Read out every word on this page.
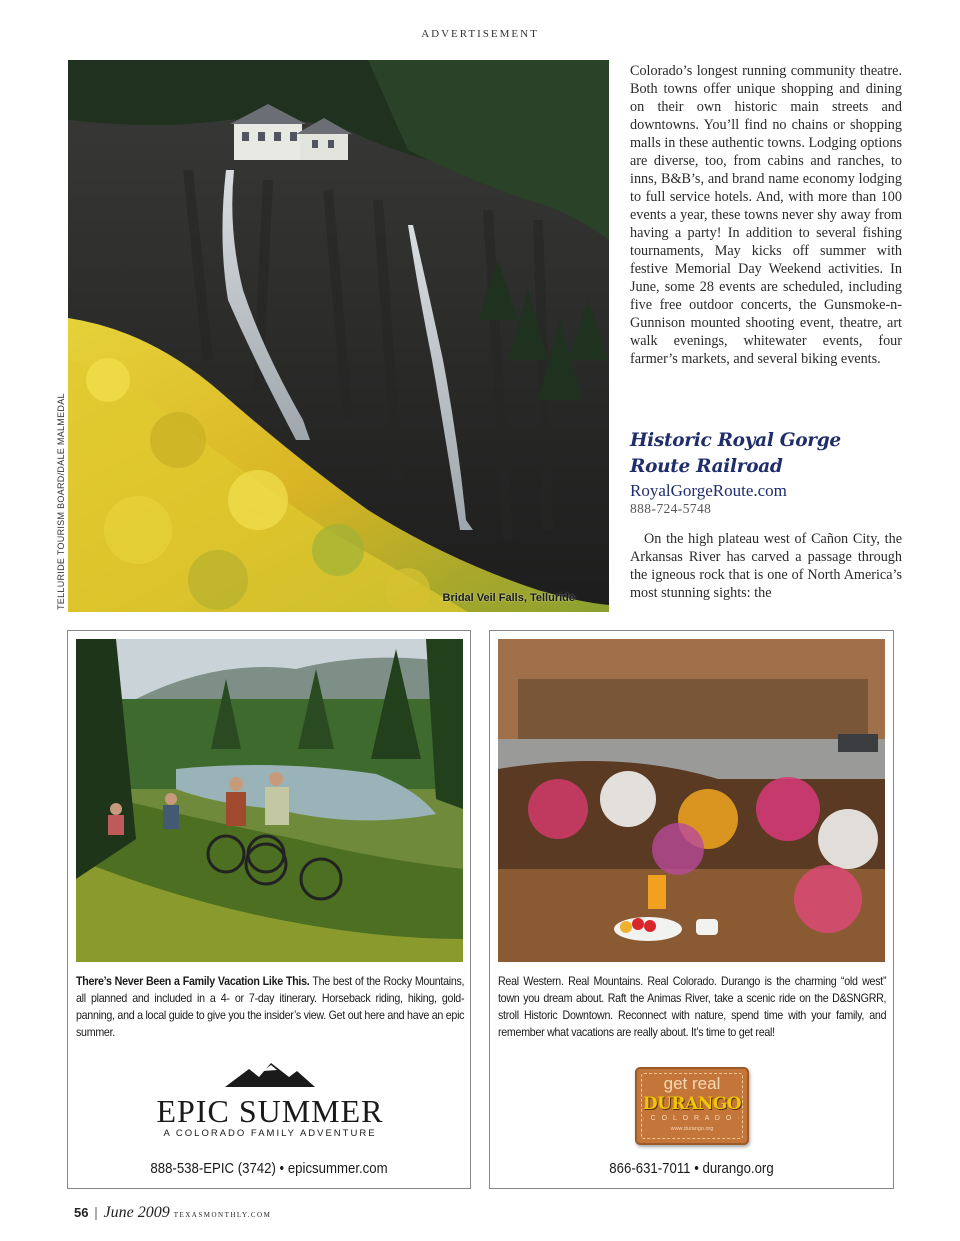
ADVERTISEMENT
TELLURIDE TOURISM BOARD/DALE MALMEDAL	Bridal Veil Falls, Telluride
Colorado’s longest running community theatre. Both towns offer unique shopping and dining on their own historic main streets and downtowns. You’ll find no chains or shopping malls in these authentic towns. Lodging options are diverse, too, from cabins and ranches, to inns, B&B’s, and brand name economy lodging to full service hotels. And, with more than 100 events a year, these towns never shy away from having a party! In addition to several fishing tournaments, May kicks off summer with festive Memorial Day Weekend activities. In June, some 28 events are scheduled, including five free outdoor concerts, the Gunsmoke-n-Gunnison mounted shooting event, theatre, art walk evenings, whitewater events, four farmer’s markets, and several biking events.
Historic Royal Gorge
Route Railroad
RoyalGorgeRoute.com
888-724-5748
On the high plateau west of Cañon City, the Arkansas River has carved a passage through the igneous rock that is one of North America’s most stunning sights: the
There’s Never Been a Family Vacation Like This. The best of the Rocky Mountains, all planned and included in a 4- or 7-day itinerary. Horseback riding, hiking, gold-panning, and a local guide to give you the insider’s view. Get out here and have an epic summer.
EPIC SUMMER
A COLORADO FAMILY ADVENTURE
888-538-EPIC (3742) • epicsummer.com
Real Western. Real Mountains. Real Colorado. Durango is the charming “old west” town you dream about. Raft the Animas River, take a scenic ride on the D&SNGRR, stroll Historic Downtown. Reconnect with nature, spend time with your family, and remember what vacations are really about. It’s time to get real!
get real
DURANGO
· C O L O R A D O ·
www.durango.org
866-631-7011 • durango.org
56 | June 2009 TEXASMONTHLY.COM
